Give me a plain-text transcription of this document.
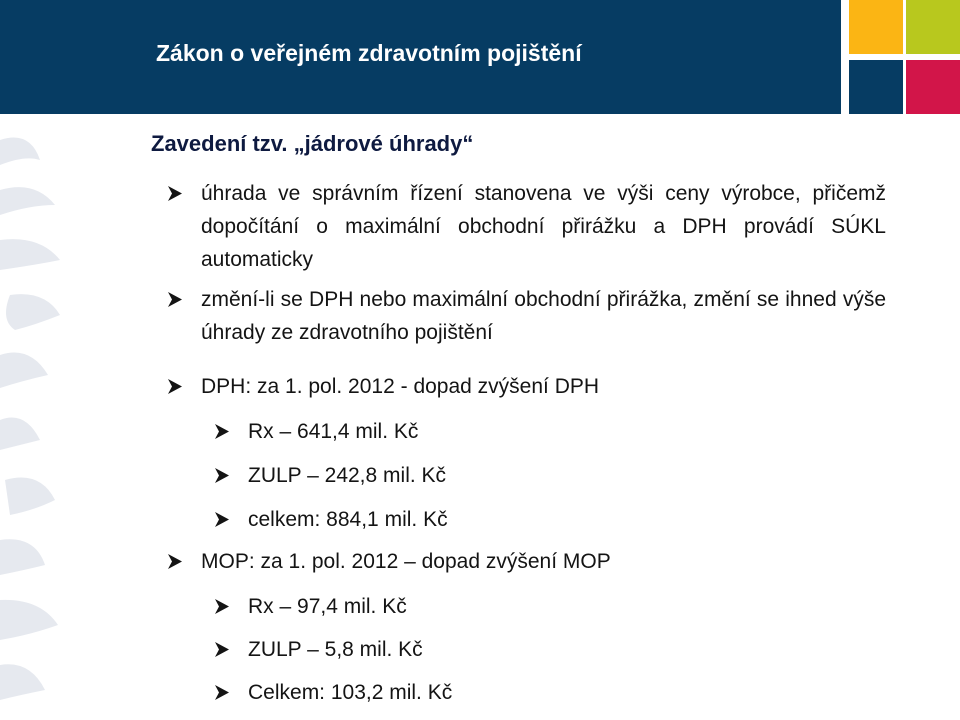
Zákon o veřejném zdravotním pojištění
Zavedení tzv. „jádrové úhrady“
úhrada ve správním řízení stanovena ve výši ceny výrobce, přičemž dopočítání o maximální obchodní přirážku a DPH provádí SÚKL automaticky
změní-li se DPH nebo maximální obchodní přirážka, změní se ihned výše úhrady ze zdravotního pojištění
DPH: za 1. pol. 2012 - dopad zvýšení DPH
Rx – 641,4 mil. Kč
ZULP – 242,8 mil. Kč
celkem: 884,1 mil. Kč
MOP: za 1. pol. 2012 – dopad zvýšení MOP
Rx – 97,4 mil. Kč
ZULP – 5,8 mil. Kč
Celkem: 103,2 mil. Kč
